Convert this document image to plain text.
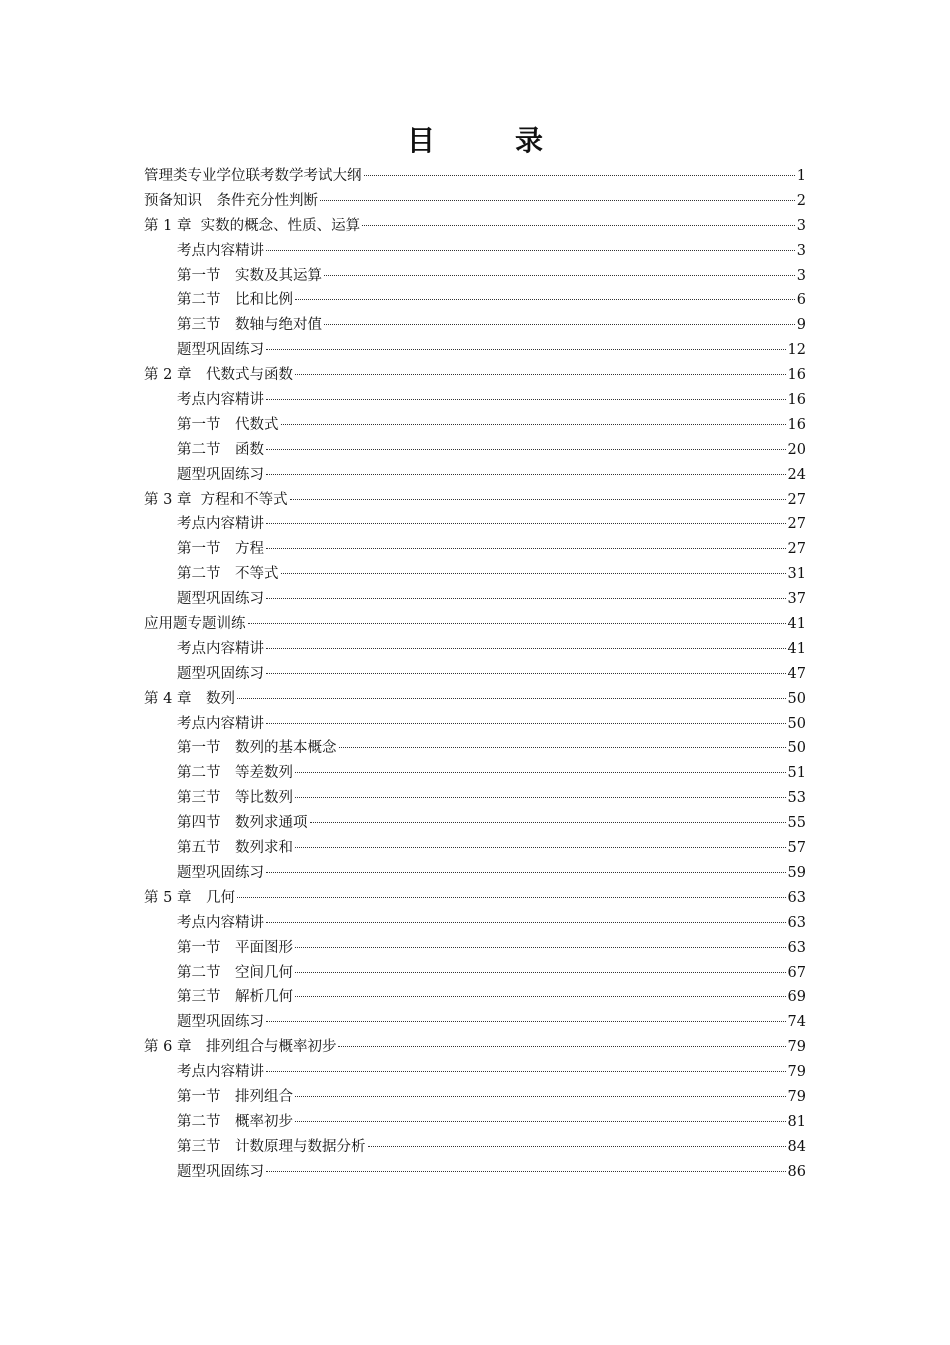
目　录
管理类专业学位联考数学考试大纲	1
预备知识　条件充分性判断	2
第 1 章  实数的概念、性质、运算	3
考点内容精讲	3
第一节　实数及其运算	3
第二节　比和比例	6
第三节　数轴与绝对值	9
题型巩固练习	12
第 2 章　代数式与函数	16
考点内容精讲	16
第一节　代数式	16
第二节　函数	20
题型巩固练习	24
第 3 章  方程和不等式	27
考点内容精讲	27
第一节　方程	27
第二节　不等式	31
题型巩固练习	37
应用题专题训练	41
考点内容精讲	41
题型巩固练习	47
第 4 章　数列	50
考点内容精讲	50
第一节　数列的基本概念	50
第二节　等差数列	51
第三节　等比数列	53
第四节　数列求通项	55
第五节　数列求和	57
题型巩固练习	59
第 5 章　几何	63
考点内容精讲	63
第一节　平面图形	63
第二节　空间几何	67
第三节　解析几何	69
题型巩固练习	74
第 6 章　排列组合与概率初步	79
考点内容精讲	79
第一节　排列组合	79
第二节　概率初步	81
第三节　计数原理与数据分析	84
题型巩固练习	86
